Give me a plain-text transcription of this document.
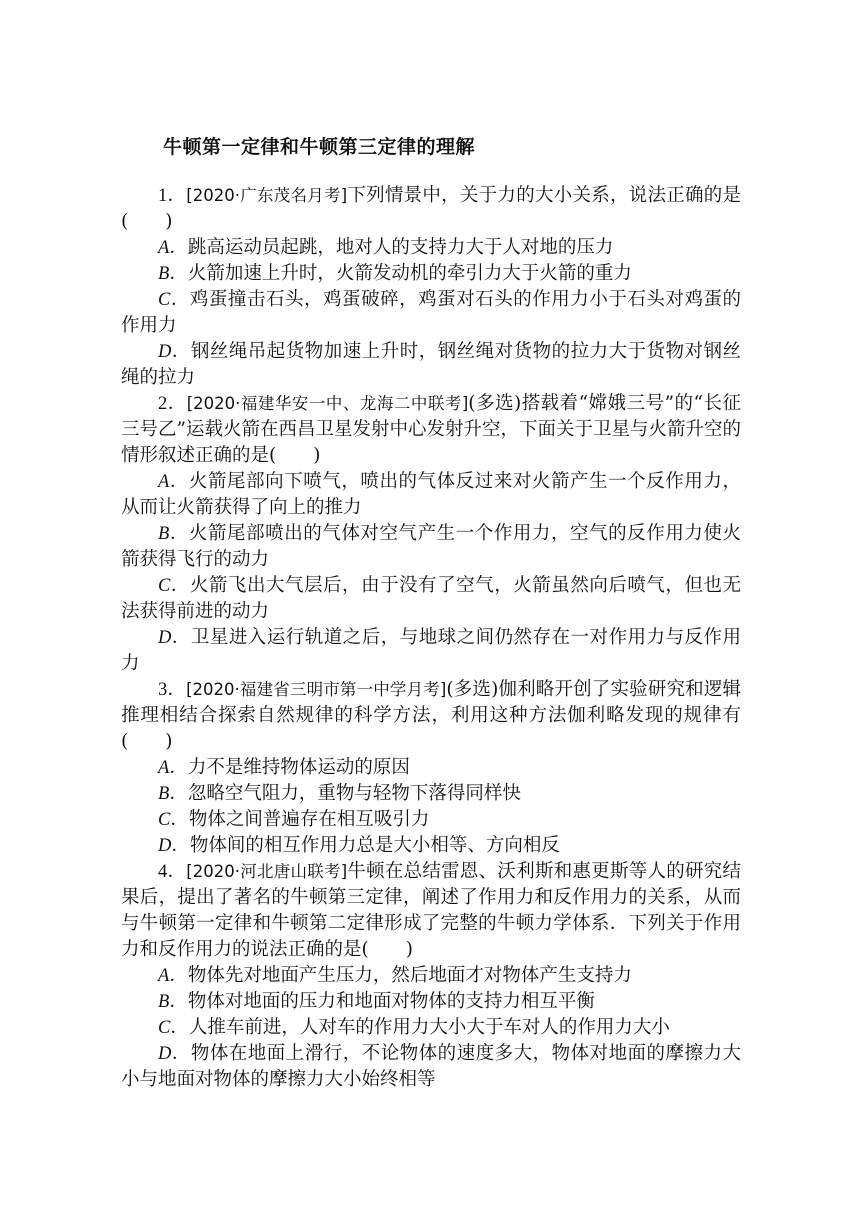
牛顿第一定律和牛顿第三定律的理解

1．[2020·广东茂名月考]下列情景中，关于力的大小关系，说法正确的是(　　)

A．跳高运动员起跳，地对人的支持力大于人对地的压力

B．火箭加速上升时，火箭发动机的牵引力大于火箭的重力

C．鸡蛋撞击石头，鸡蛋破碎，鸡蛋对石头的作用力小于石头对鸡蛋的作用力

D．钢丝绳吊起货物加速上升时，钢丝绳对货物的拉力大于货物对钢丝绳的拉力

2．[2020·福建华安一中、龙海二中联考](多选)搭载着“嫦娥三号”的“长征三号乙”运载火箭在西昌卫星发射中心发射升空，下面关于卫星与火箭升空的情形叙述正确的是(　　)

A．火箭尾部向下喷气，喷出的气体反过来对火箭产生一个反作用力，从而让火箭获得了向上的推力

B．火箭尾部喷出的气体对空气产生一个作用力，空气的反作用力使火箭获得飞行的动力

C．火箭飞出大气层后，由于没有了空气，火箭虽然向后喷气，但也无法获得前进的动力

D．卫星进入运行轨道之后，与地球之间仍然存在一对作用力与反作用力

3．[2020·福建省三明市第一中学月考](多选)伽利略开创了实验研究和逻辑推理相结合探索自然规律的科学方法，利用这种方法伽利略发现的规律有(　　)

A．力不是维持物体运动的原因

B．忽略空气阻力，重物与轻物下落得同样快

C．物体之间普遍存在相互吸引力

D．物体间的相互作用力总是大小相等、方向相反

4．[2020·河北唐山联考]牛顿在总结雷恩、沃利斯和惠更斯等人的研究结果后，提出了著名的牛顿第三定律，阐述了作用力和反作用力的关系，从而与牛顿第一定律和牛顿第二定律形成了完整的牛顿力学体系．下列关于作用力和反作用力的说法正确的是(　　)

A．物体先对地面产生压力，然后地面才对物体产生支持力

B．物体对地面的压力和地面对物体的支持力相互平衡

C．人推车前进，人对车的作用力大小大于车对人的作用力大小

D．物体在地面上滑行，不论物体的速度多大，物体对地面的摩擦力大小与地面对物体的摩擦力大小始终相等
